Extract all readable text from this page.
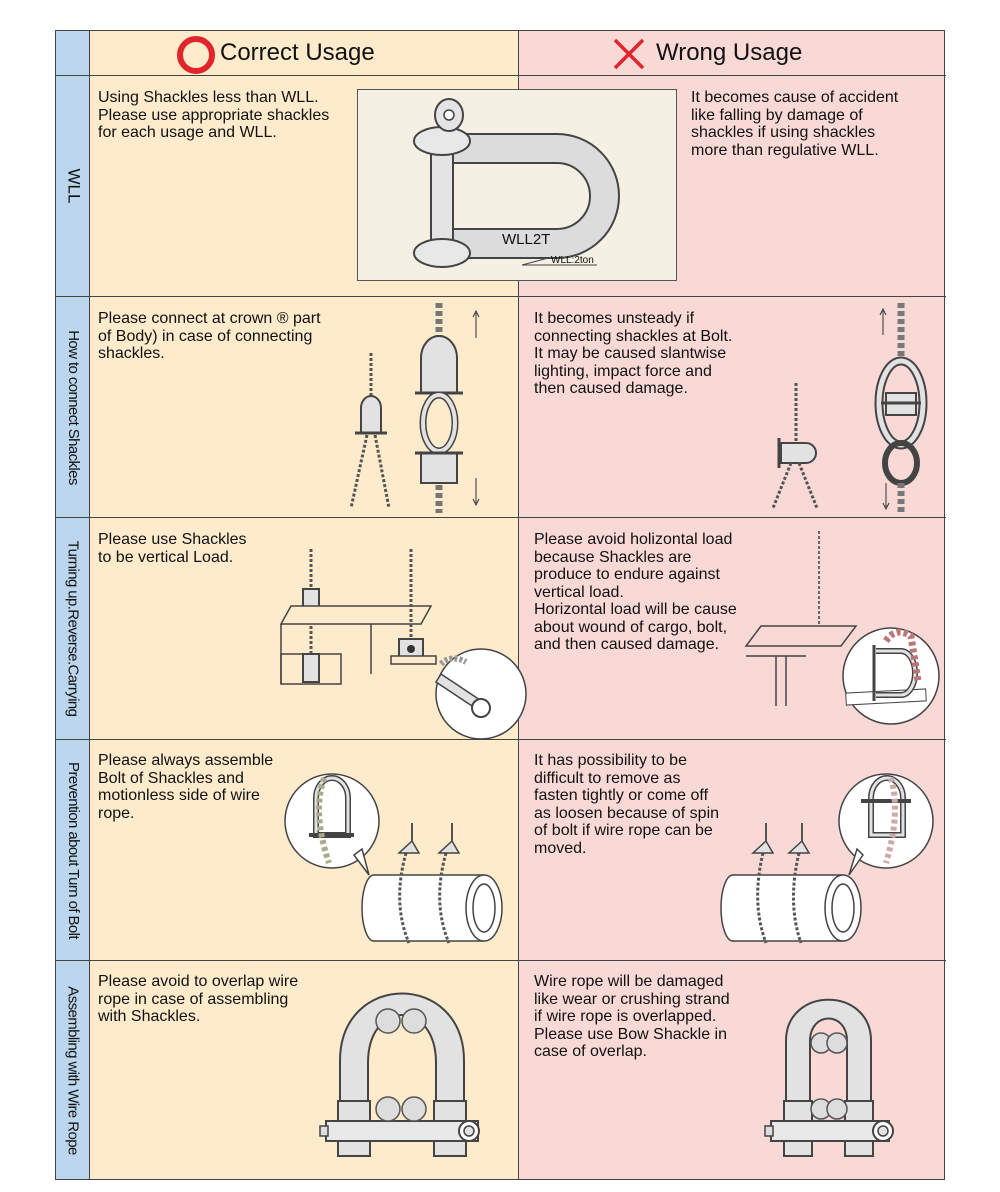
Correct Usage	Wrong Usage
WLL
How to connect Shackles
Turning up.Reverse.Carrying
Prevention about Turn of Bolt
Assembling with Wire Rope
Using Shackles less than WLL.
Please use appropriate shackles
for each usage and WLL.
It becomes cause of accident
like falling by damage of
shackles if using shackles
more than regulative WLL.
WLL2T
WLL:2ton
Please connect at crown ® part
of Body) in case of connecting
shackles.
It becomes unsteady if
connecting shackles at Bolt.
It may be caused slantwise
lighting, impact force and
then caused damage.
Please use Shackles
to be vertical Load.
Please avoid holizontal load
because Shackles are
produce to endure against
vertical load.
Horizontal load will be cause
about wound of cargo, bolt,
and then caused damage.
Please always assemble
Bolt of Shackles and
motionless side of wire
rope.
It has possibility to be
difficult to remove as
fasten tightly or come off
as loosen because of spin
of bolt if wire rope can be
moved.
Please avoid to overlap wire
rope in case of assembling
with Shackles.
Wire rope will be damaged
like wear or crushing strand
if wire rope is overlapped.
Please use Bow Shackle in
case of overlap.
